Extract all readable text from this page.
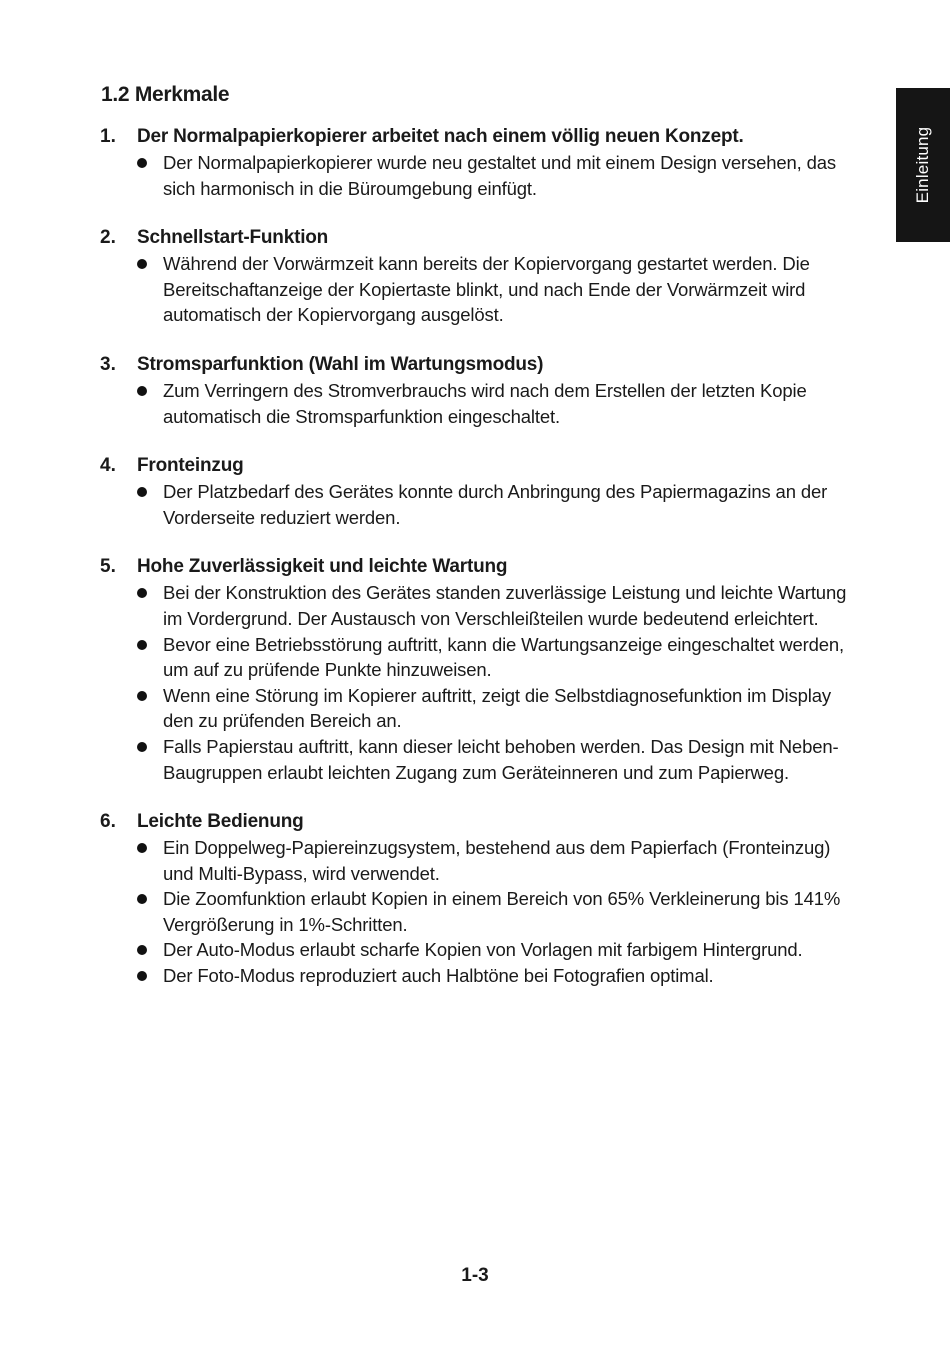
1.2 Merkmale
Einleitung
1. Der Normalpapierkopierer arbeitet nach einem völlig neuen Konzept.
Der Normalpapierkopierer wurde neu gestaltet und mit einem Design versehen, das sich harmonisch in die Büroumgebung einfügt.
2. Schnellstart-Funktion
Während der Vorwärmzeit kann bereits der Kopiervorgang gestartet werden. Die Bereitschaftanzeige der Kopiertaste blinkt, und nach Ende der Vorwärmzeit wird automatisch der Kopiervorgang ausgelöst.
3. Stromsparfunktion (Wahl im Wartungsmodus)
Zum Verringern des Stromverbrauchs wird nach dem Erstellen der letzten Kopie automatisch die Stromsparfunktion eingeschaltet.
4. Fronteinzug
Der Platzbedarf des Gerätes konnte durch Anbringung des Papiermagazins an der Vorderseite reduziert werden.
5. Hohe Zuverlässigkeit und leichte Wartung
Bei der Konstruktion des Gerätes standen zuverlässige Leistung und leichte Wartung im Vordergrund. Der Austausch von Verschleißteilen wurde bedeutend erleichtert.
Bevor eine Betriebsstörung auftritt, kann die Wartungsanzeige eingeschaltet werden, um auf zu prüfende Punkte hinzuweisen.
Wenn eine Störung im Kopierer auftritt, zeigt die Selbstdiagnosefunktion im Display den zu prüfenden Bereich an.
Falls Papierstau auftritt, kann dieser leicht behoben werden. Das Design mit Neben-Baugruppen erlaubt leichten Zugang zum Geräteinneren und zum Papierweg.
6. Leichte Bedienung
Ein Doppelweg-Papiereinzugsystem, bestehend aus dem Papierfach (Fronteinzug) und Multi-Bypass, wird verwendet.
Die Zoomfunktion erlaubt Kopien in einem Bereich von 65% Verkleinerung bis 141% Vergrößerung in 1%-Schritten.
Der Auto-Modus erlaubt scharfe Kopien von Vorlagen mit farbigem Hintergrund.
Der Foto-Modus reproduziert auch Halbtöne bei Fotografien optimal.
1-3
